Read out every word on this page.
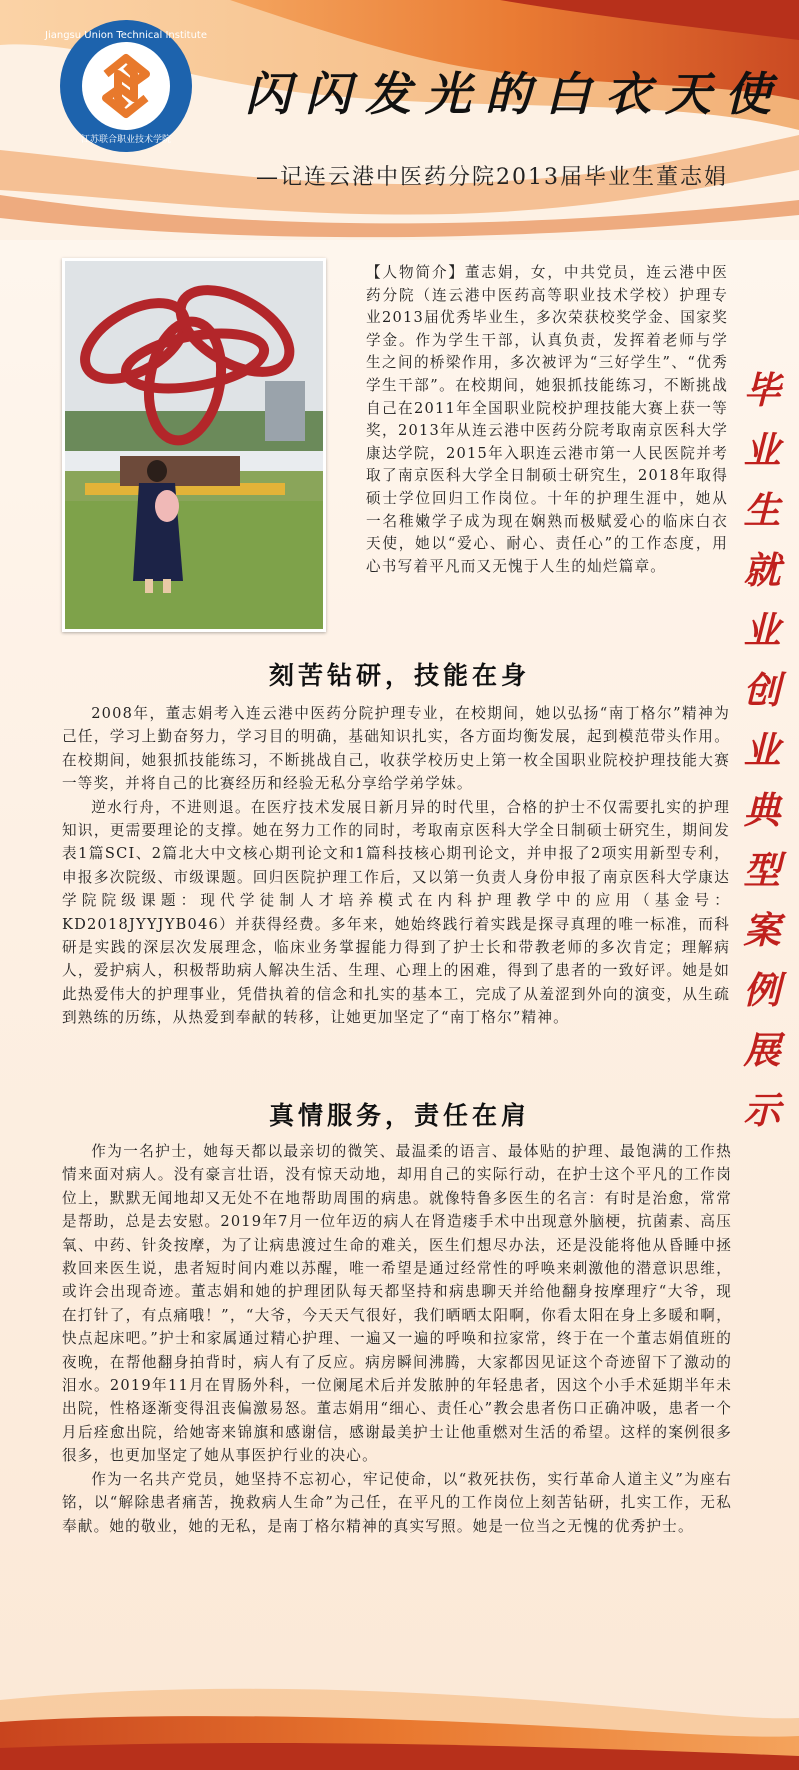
Jiangsu Union Technical Institute
江苏联合职业技术学院
闪闪发光的白衣天使
—记连云港中医药分院2013届毕业生董志娟

【人物简介】董志娟，女，中共党员，连云港中医药分院（连云港中医药高等职业技术学校）护理专业2013届优秀毕业生，多次荣获校奖学金、国家奖学金。作为学生干部，认真负责，发挥着老师与学生之间的桥梁作用，多次被评为“三好学生”、“优秀学生干部”。在校期间，她狠抓技能练习，不断挑战自己在2011年全国职业院校护理技能大赛上获一等奖，2013年从连云港中医药分院考取南京医科大学康达学院，2015年入职连云港市第一人民医院并考取了南京医科大学全日制硕士研究生，2018年取得硕士学位回归工作岗位。十年的护理生涯中，她从一名稚嫩学子成为现在娴熟而极赋爱心的临床白衣天使，她以“爱心、耐心、责任心”的工作态度，用心书写着平凡而又无愧于人生的灿烂篇章。

毕
业
生
就
业
创
业
典
型
案
例
展
示
刻苦钻研，技能在身

2008年，董志娟考入连云港中医药分院护理专业，在校期间，她以弘扬“南丁格尔”精神为己任，学习上勤奋努力，学习目的明确，基础知识扎实，各方面均衡发展，起到模范带头作用。在校期间，她狠抓技能练习，不断挑战自己，收获学校历史上第一枚全国职业院校护理技能大赛一等奖，并将自己的比赛经历和经验无私分享给学弟学妹。

逆水行舟，不进则退。在医疗技术发展日新月异的时代里，合格的护士不仅需要扎实的护理知识，更需要理论的支撑。她在努力工作的同时，考取南京医科大学全日制硕士研究生，期间发表1篇SCI、2篇北大中文核心期刊论文和1篇科技核心期刊论文，并申报了2项实用新型专利，申报多次院级、市级课题。回归医院护理工作后，又以第一负责人身份申报了南京医科大学康达学院院级课题：现代学徒制人才培养模式在内科护理教学中的应用（基金号：KD2018JYYJYB046）并获得经费。多年来，她始终践行着实践是探寻真理的唯一标准，而科研是实践的深层次发展理念，临床业务掌握能力得到了护士长和带教老师的多次肯定；理解病人，爱护病人，积极帮助病人解决生活、生理、心理上的困难，得到了患者的一致好评。她是如此热爱伟大的护理事业，凭借执着的信念和扎实的基本工，完成了从羞涩到外向的演变，从生疏到熟练的历练，从热爱到奉献的转移，让她更加坚定了“南丁格尔”精神。

真情服务，责任在肩

作为一名护士，她每天都以最亲切的微笑、最温柔的语言、最体贴的护理、最饱满的工作热情来面对病人。没有豪言壮语，没有惊天动地，却用自己的实际行动，在护士这个平凡的工作岗位上，默默无闻地却又无处不在地帮助周围的病患。就像特鲁多医生的名言：有时是治愈，常常是帮助，总是去安慰。2019年7月一位年迈的病人在肾造瘘手术中出现意外脑梗，抗菌素、高压氧、中药、针灸按摩，为了让病患渡过生命的难关，医生们想尽办法，还是没能将他从昏睡中拯救回来医生说，患者短时间内难以苏醒，唯一希望是通过经常性的呼唤来刺激他的潜意识思维，或许会出现奇迹。董志娟和她的护理团队每天都坚持和病患聊天并给他翻身按摩理疗“大爷，现在打针了，有点痛哦！”，“大爷，今天天气很好，我们晒晒太阳啊，你看太阳在身上多暖和啊，快点起床吧。”护士和家属通过精心护理、一遍又一遍的呼唤和拉家常，终于在一个董志娟值班的夜晚，在帮他翻身拍背时，病人有了反应。病房瞬间沸腾，大家都因见证这个奇迹留下了激动的泪水。2019年11月在胃肠外科，一位阑尾术后并发脓肿的年轻患者，因这个小手术延期半年未出院，性格逐渐变得沮丧偏激易怒。董志娟用“细心、责任心”教会患者伤口正确冲吸，患者一个月后痊愈出院，给她寄来锦旗和感谢信，感谢最美护士让他重燃对生活的希望。这样的案例很多很多，也更加坚定了她从事医护行业的决心。

作为一名共产党员，她坚持不忘初心，牢记使命，以“救死扶伤，实行革命人道主义”为座右铭，以“解除患者痛苦，挽救病人生命”为己任，在平凡的工作岗位上刻苦钻研，扎实工作，无私奉献。她的敬业，她的无私，是南丁格尔精神的真实写照。她是一位当之无愧的优秀护士。
